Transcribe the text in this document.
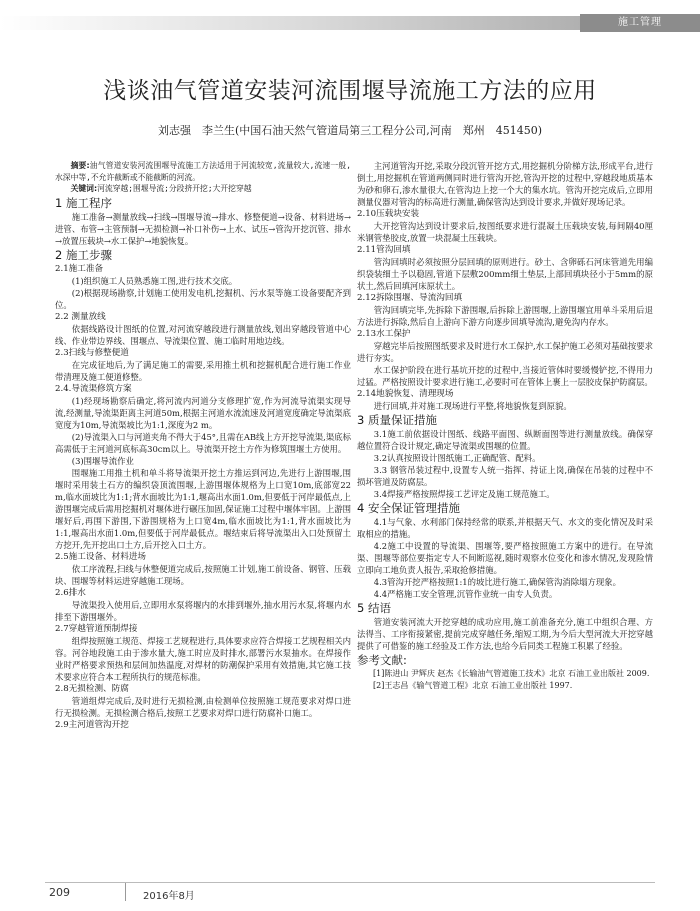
施工管理
浅谈油气管道安装河流围堰导流施工方法的应用
刘志强　李兰生(中国石油天然气管道局第三工程分公司,河南　郑州　451450)

摘要:油气管道安装河流围堰导流施工方法适用于河流较宽,流量较大,流速一般,水深中等,不允许截断或不能截断的河流。

关键词:河流穿越;围堰导流;分段挤开挖;大开挖穿越

1 施工程序

施工准备→测量放线→扫线→围堰导流→排水、修整便道→设备、材料进场→进管、布管→主管预制→无损检测→补口补伤→上水、试压→管沟开挖沉管、排水→放置压载块→水工保护→地貌恢复。

2 施工步骤
2.1施工准备

(1)组织施工人员熟悉施工图,进行技术交底。

(2)根据现场勘察,计划施工使用发电机,挖掘机、污水泵等施工设备要配齐到位。

2.2 测量放线

依据线路设计图纸的位置,对河流穿越段进行测量放线,划出穿越段管道中心线、作业带边界线、围堰点、导流渠位置、施工临时用地边线。

2.3扫线与修整便道

在完成征地后,为了满足施工的需要,采用推土机和挖掘机配合进行施工作业带清理及施工便道修整。

2.4.导流渠修筑方案

(1)经现场勘察后确定,将河流内河道分支修理扩宽,作为河流导流渠实现导流,经测量,导流渠距离主河道50m,根据主河道水流流速及河道宽度确定导流渠底宽度为10m,导流渠坡比为1:1,深度为2 m。

(2)导流渠入口与河道夹角不得大于45°,且需在AB线上方开挖导流渠,渠底标高需低于主河道河底标高30cm以上。导流渠开挖土方作为修筑围堰土方使用。

(3)围堰导流作业

围堰施工用推土机和单斗将导流渠开挖土方推运到河边,先进行上游围堰,围堰时采用装土石方的编织袋顶流围堰,上游围堰体规格为上口宽10m,底部宽22 m,临水面坡比为1:1;背水面坡比为1:1,堰高出水面1.0m,但要低于河岸最低点,上游围堰完成后需用挖掘机对堰体进行碾压加固,保证施工过程中堰体牢固。上游围堰好后,再围下游围,下游围规格为上口宽4m,临水面坡比为1:1,背水面坡比为1:1,堰高出水面1.0m,但要低于河岸最低点。堰结束后将导流渠出入口处预留土方挖开,先开挖出口土方,后开挖入口土方。

2.5施工设备、材料进场

依工序流程,扫线与休整便道完成后,按照施工计划,施工前设备、钢管、压载块、围堰等材料运进穿越施工现场。

2.6排水

导流渠投入使用后,立即用水泵将堰内的水排到堰外,抽水用污水泵,将堰内水排至下游围堰外。

2.7穿越管道预制焊接

组焊按照施工规范、焊接工艺规程进行,具体要求应符合焊接工艺规程相关内容。河谷地段施工由于渗水量大,施工时应及时排水,部署污水泵抽水。在焊接作业时严格要求预热和层间加热温度,对焊材的防潮保护采用有效措施,其它施工技术要求应符合本工程所执行的规范标准。

2.8无损检测、防腐

管道组焊完成后,及时进行无损检测,由检测单位按照施工规范要求对焊口进行无损检测。无损检测合格后,按照工艺要求对焊口进行防腐补口施工。

2.9主河道管沟开挖

主河道管沟开挖,采取分段沉管开挖方式,用挖掘机分阶梯方法,形成平台,进行倒土,用挖掘机在管道两侧同时进行管沟开挖,管沟开挖的过程中,穿越段地质基本为砂和卵石,渗水量很大,在管沟边上挖一个大的集水坑。管沟开挖完成后,立即用测量仪器对管沟的标高进行测量,确保管沟达到设计要求,并做好现场记录。

2.10压载块安装

大开挖管沟达到设计要求后,按图纸要求进行混凝土压载块安装,每间隔40厘米钢管垫胶皮,放置一块混凝土压载块。

2.11管沟回填

管沟回填时必须按照分层回填的原则进行。砂土、含卵砾石河床管道先用编织袋装细土予以稳固,管道下层敷200mm细土垫层,上部回填块径小于5mm的原状土,然后回填河床原状土。

2.12拆除围堰、导流沟回填

管沟回填完毕,先拆除下游围堰,后拆除上游围堰,上游围堰宜用单斗采用后退方法进行拆除,然后自上游向下游方向逐步回填导流沟,避免沟内存水。

2.13水工保护

穿越完毕后按照图纸要求及时进行水工保护,水工保护施工必须对基础按要求进行夯实。

水工保护阶段在进行基坑开挖的过程中,当接近管体时要缓慢铲挖,不得用力过猛。严格按照设计要求进行施工,必要时可在管体上裹上一层胶皮保护防腐层。

2.14地貌恢复、清理现场

进行回填,并对施工现场进行平整,将地貌恢复到原貌。

3 质量保证措施

3.1施工前依据设计图纸、线路平面图、纵断面图等进行测量放线。确保穿越位置符合设计规定,确定导流渠或围堰的位置。

3.2认真按照设计图纸施工,正确配管、配料。

3.3 钢管吊装过程中,设置专人统一指挥、持证上岗,确保在吊装的过程中不损坏管道及防腐层。

3.4焊接严格按照焊接工艺评定及施工规范施工。

4 安全保证管理措施

4.1与气象、水利部门保持经常的联系,并根据天气、水文的变化情况及时采取相应的措施。

4.2施工中设置的导流渠、围堰等,要严格按照施工方案中的进行。在导流渠、围堰等部位要指定专人不间断巡视,随时观察水位变化和渗水情况,发现险情立即向工地负责人报告,采取抢修措施。

4.3管沟开挖严格按照1:1的坡比进行施工,确保管沟消除塌方现象。

4.4严格施工安全管理,沉管作业统一由专人负责。

5 结语

管道安装河流大开挖穿越的成功应用,施工前准备充分,施工中组织合理、方法得当、工序衔接紧密,提前完成穿越任务,缩短工期,为今后大型河流大开挖穿越提供了可借鉴的施工经验及工作方法,也给今后同类工程施工积累了经验。

参考文献:

[1]陈进山 尹辉庆 赵杰《长输油气管道施工技术》北京 石油工业出版社 2009.

[2]王志昌《输气管道工程》北京 石油工业出版社 1997.

209	2016年8月
